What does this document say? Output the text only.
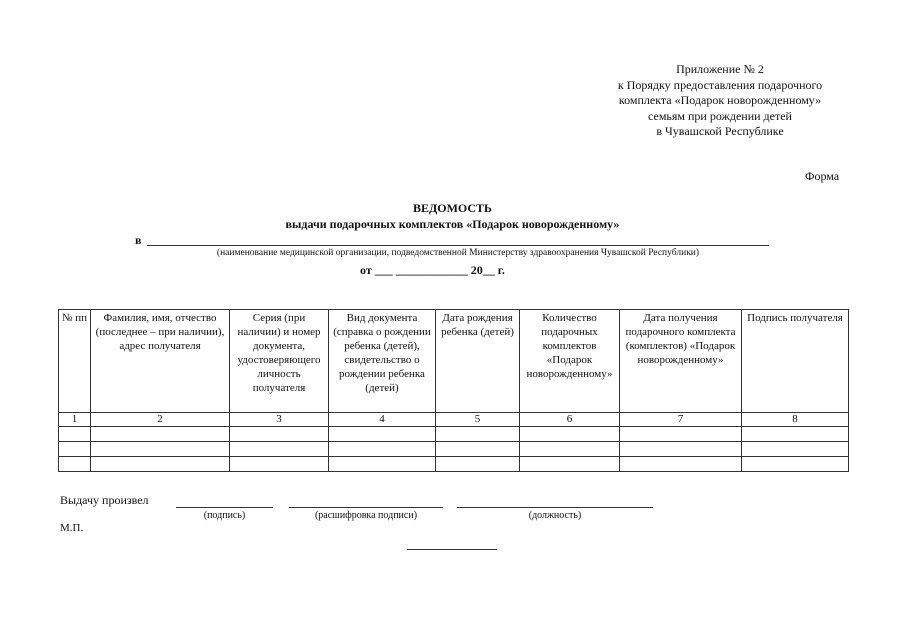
Приложение № 2
к Порядку предоставления подарочного
комплекта «Подарок новорожденному»
семьям при рождении детей
в Чувашской Республике
Форма
ВЕДОМОСТЬ
выдачи подарочных комплектов «Подарок новорожденному»
в
(наименование медицинской организации, подведомственной Министерству здравоохранения Чувашской Республики)
от ___ ____________ 20__ г.
№ пп	Фамилия, имя, отчество (последнее – при наличии), адрес получателя	Серия (при наличии) и номер документа, удостоверяющего личность получателя	Вид документа (справка о рождении ребенка (детей), свидетельство о рождении ребенка (детей)	Дата рождения ребенка (детей)	Количество подарочных комплектов «Подарок новорожденному»	Дата получения подарочного комплекта (комплектов) «Подарок новорожденному»	Подпись получателя
1	2	3	4	5	6	7	8

Выдачу произвел
(подпись)	(расшифровка подписи)	(должность)
М.П.
